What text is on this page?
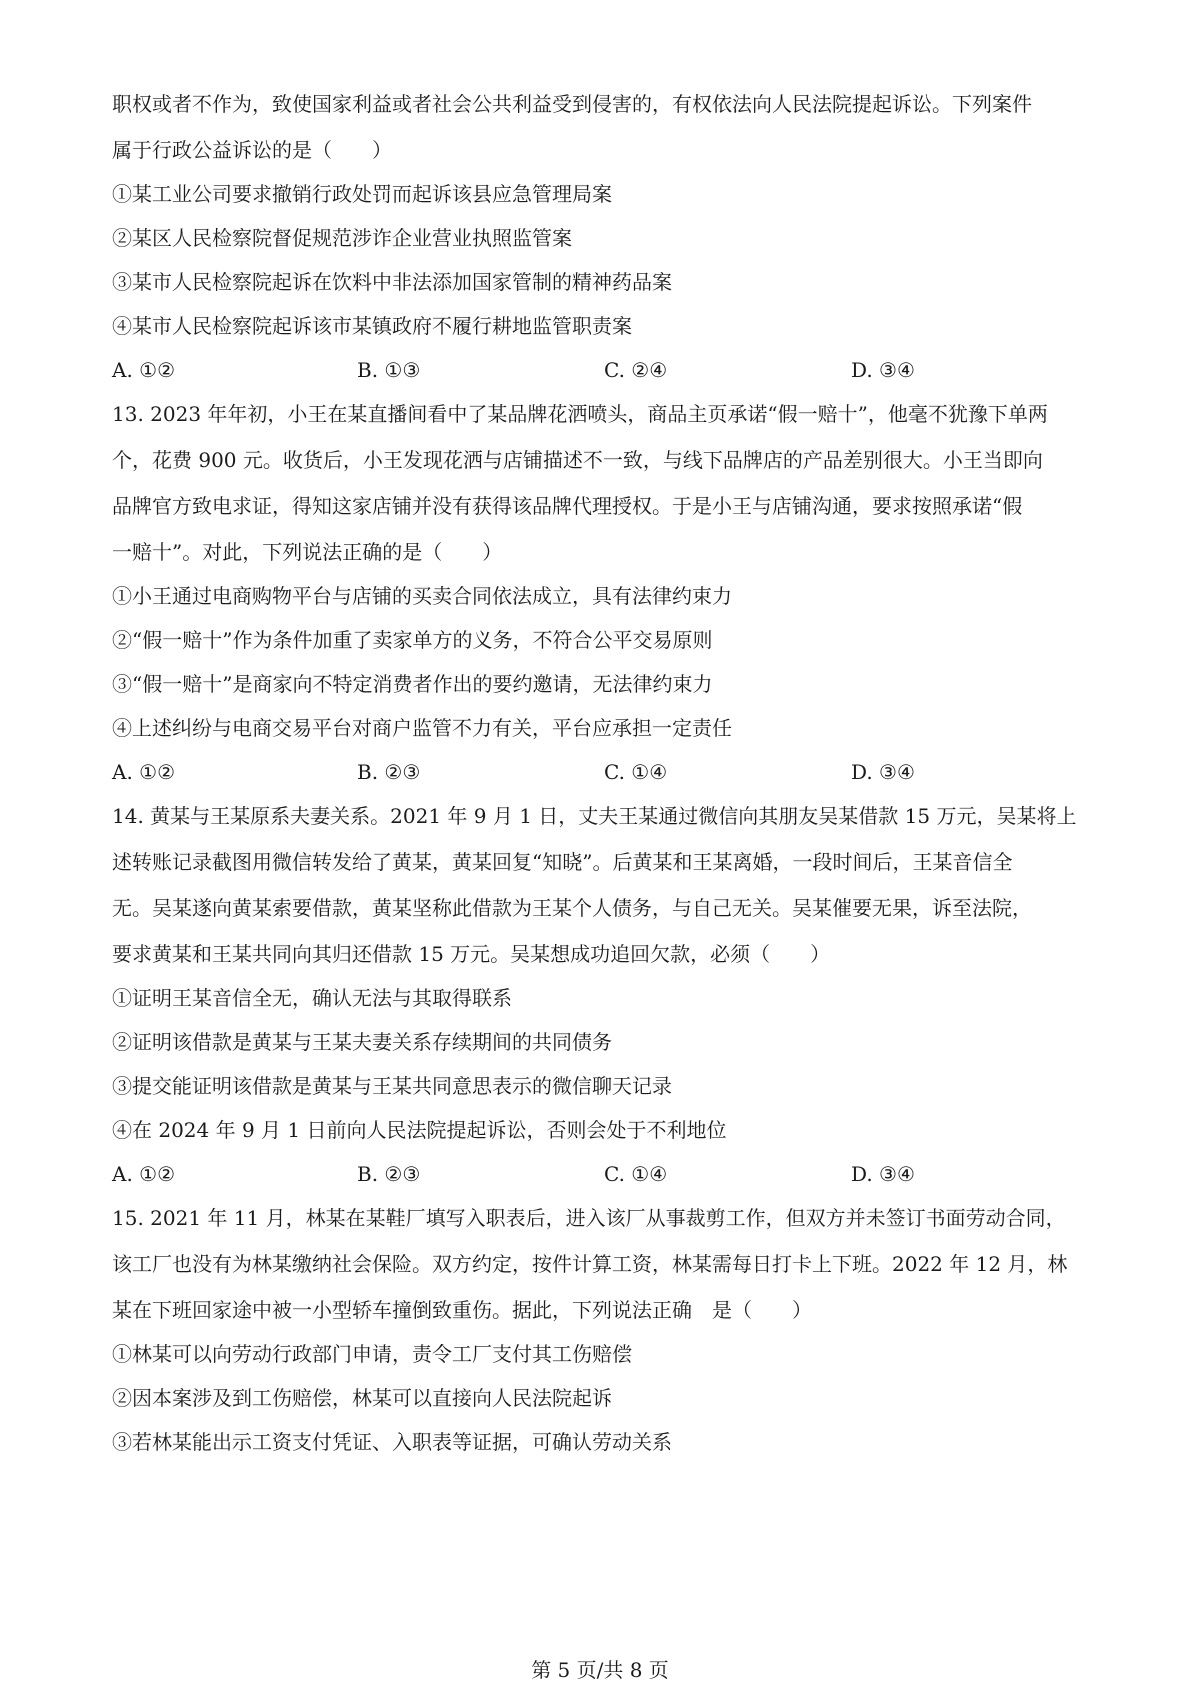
职权或者不作为，致使国家利益或者社会公共利益受到侵害的，有权依法向人民法院提起诉讼。下列案件
属于行政公益诉讼的是（　　）
①某工业公司要求撤销行政处罚而起诉该县应急管理局案
②某区人民检察院督促规范涉诈企业营业执照监管案
③某市人民检察院起诉在饮料中非法添加国家管制的精神药品案
④某市人民检察院起诉该市某镇政府不履行耕地监管职责案
A. ①②	B. ①③	C. ②④	D. ③④
13. 2023 年年初，小王在某直播间看中了某品牌花洒喷头，商品主页承诺“假一赔十”，他毫不犹豫下单两
个，花费 900 元。收货后，小王发现花洒与店铺描述不一致，与线下品牌店的产品差别很大。小王当即向
品牌官方致电求证，得知这家店铺并没有获得该品牌代理授权。于是小王与店铺沟通，要求按照承诺“假
一赔十”。对此，下列说法正确的是（　　）
①小王通过电商购物平台与店铺的买卖合同依法成立，具有法律约束力
②“假一赔十”作为条件加重了卖家单方的义务，不符合公平交易原则
③“假一赔十”是商家向不特定消费者作出的要约邀请，无法律约束力
④上述纠纷与电商交易平台对商户监管不力有关，平台应承担一定责任
A. ①②	B. ②③	C. ①④	D. ③④
14. 黄某与王某原系夫妻关系。2021 年 9 月 1 日，丈夫王某通过微信向其朋友吴某借款 15 万元，吴某将上
述转账记录截图用微信转发给了黄某，黄某回复“知晓”。后黄某和王某离婚，一段时间后，王某音信全
无。吴某遂向黄某索要借款，黄某坚称此借款为王某个人债务，与自己无关。吴某催要无果，诉至法院，
要求黄某和王某共同向其归还借款 15 万元。吴某想成功追回欠款，必须（　　）
①证明王某音信全无，确认无法与其取得联系
②证明该借款是黄某与王某夫妻关系存续期间的共同债务
③提交能证明该借款是黄某与王某共同意思表示的微信聊天记录
④在 2024 年 9 月 1 日前向人民法院提起诉讼，否则会处于不利地位
A. ①②	B. ②③	C. ①④	D. ③④
15. 2021 年 11 月，林某在某鞋厂填写入职表后，进入该厂从事裁剪工作，但双方并未签订书面劳动合同，
该工厂也没有为林某缴纳社会保险。双方约定，按件计算工资，林某需每日打卡上下班。2022 年 12 月，林
某在下班回家途中被一小型轿车撞倒致重伤。据此，下列说法正确　是（　　）
①林某可以向劳动行政部门申请，责令工厂支付其工伤赔偿
②因本案涉及到工伤赔偿，林某可以直接向人民法院起诉
③若林某能出示工资支付凭证、入职表等证据，可确认劳动关系
第 5 页/共 8 页
